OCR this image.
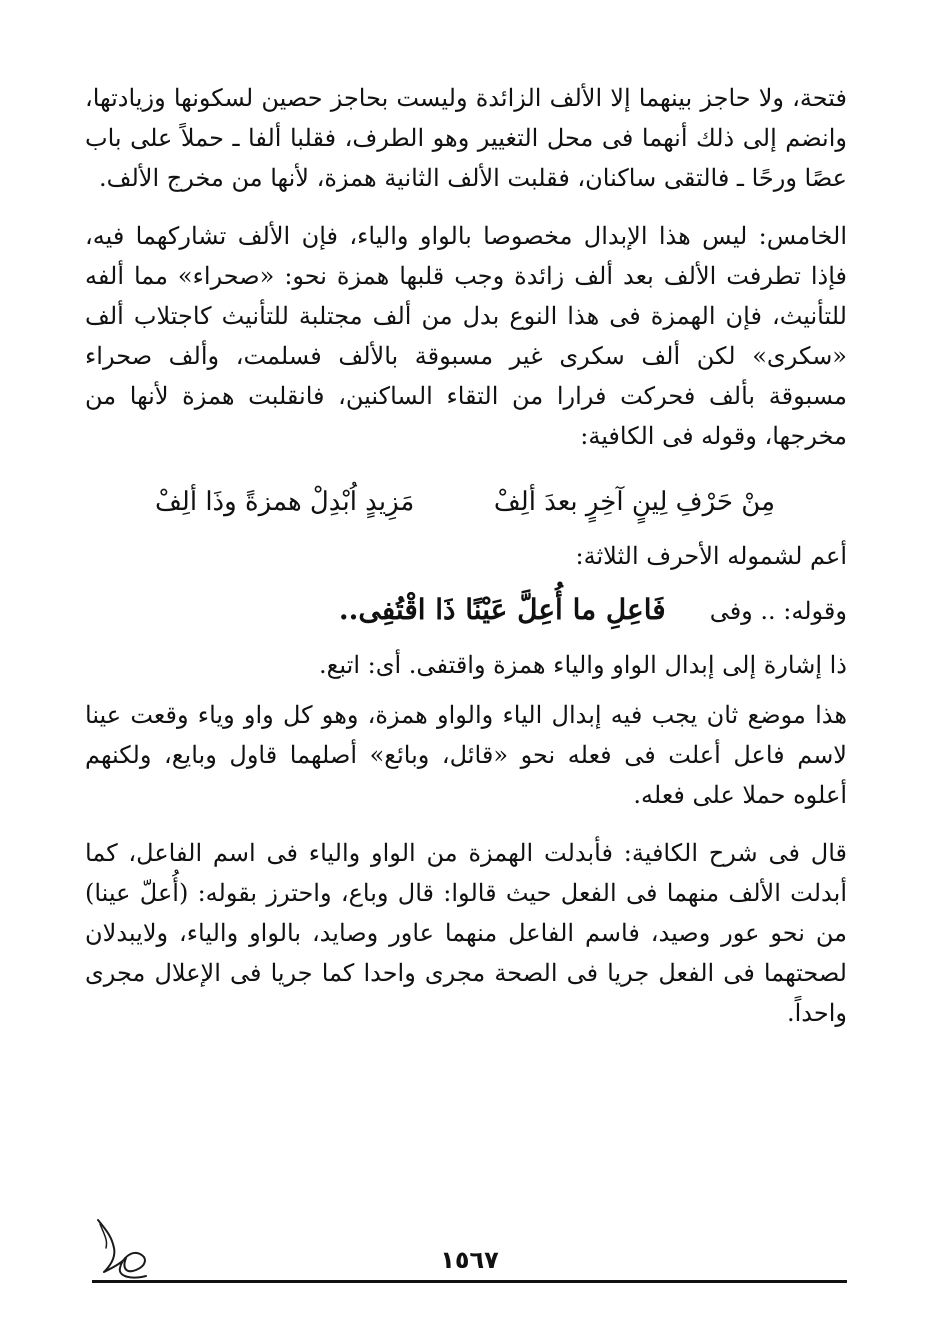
فتحة، ولا حاجز بينهما إلا الألف الزائدة وليست بحاجز حصين لسكونها وزيادتها، وانضم إلى ذلك أنهما فى محل التغيير وهو الطرف، فقلبا ألفا ـ حملاً على باب عصًا ورحًا ـ فالتقى ساكنان، فقلبت الألف الثانية همزة، لأنها من مخرج الألف.

الخامس: ليس هذا الإبدال مخصوصا بالواو والياء، فإن الألف تشاركهما فيه، فإذا تطرفت الألف بعد ألف زائدة وجب قلبها همزة نحو: «صحراء» مما ألفه للتأنيث، فإن الهمزة فى هذا النوع بدل من ألف مجتلبة للتأنيث كاجتلاب ألف «سكرى» لكن ألف سكرى غير مسبوقة بالألف فسلمت، وألف صحراء مسبوقة بألف فحركت فرارا من التقاء الساكنين، فانقلبت همزة لأنها من مخرجها، وقوله فى الكافية:

مِنْ حَرْفِ لِينٍ آخِرٍ بعدَ ألِفْ
مَزِيدٍ اُبْدِلْ همزةً وذَا ألِفْ

أعم لشموله الأحرف الثلاثة:

وقوله: .. وفى
فَاعِلِ ما أُعِلَّ عَيْنًا ذَا اقْتُفِى..

ذا إشارة إلى إبدال الواو والياء همزة واقتفى. أى: اتبع.

هذا موضع ثان يجب فيه إبدال الياء والواو همزة، وهو كل واو وياء وقعت عينا لاسم فاعل أعلت فى فعله نحو «قائل، وبائع» أصلهما قاول وبايع، ولكنهم أعلوه حملا على فعله.

قال فى شرح الكافية: فأبدلت الهمزة من الواو والياء فى اسم الفاعل، كما أبدلت الألف منهما فى الفعل حيث قالوا: قال وباع، واحترز بقوله: (أُعلّ عينا) من نحو عور وصيد، فاسم الفاعل منهما عاور وصايد، بالواو والياء، ولايبدلان لصحتهما فى الفعل جريا فى الصحة مجرى واحدا كما جريا فى الإعلال مجرى واحداً.

١٥٦٧
